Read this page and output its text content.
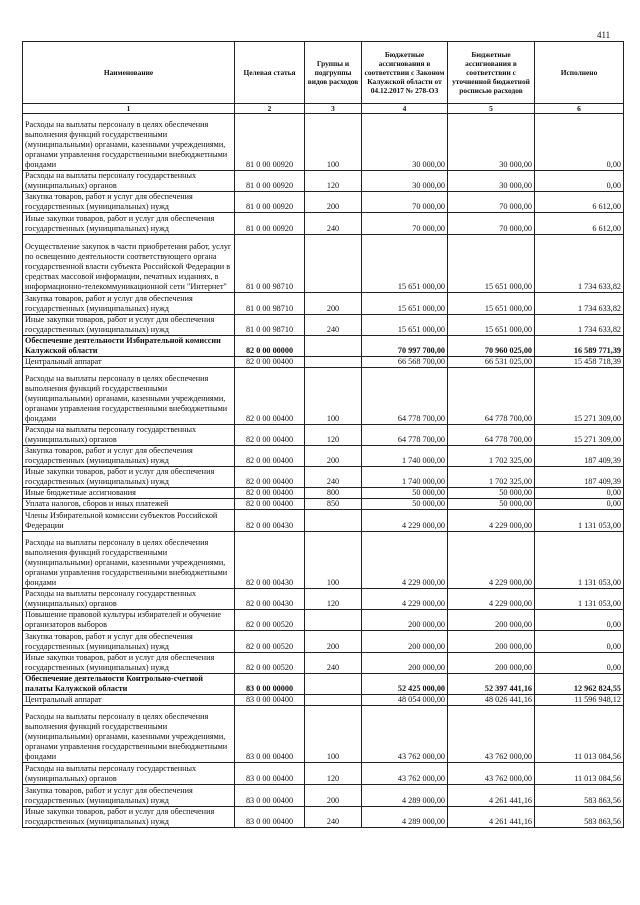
411
Наименование	Целевая статья	Группы и подгруппы видов расходов	Бюджетные ассигнования в соответствии с Законом Калужской области от 04.12.2017 № 278-ОЗ	Бюджетные ассигнования в соответствии с уточненной бюджетной росписью расходов	Исполнено
1	2	3	4	5	6
Расходы на выплаты персоналу в целях обеспечения выполнения функций государственными (муниципальными) органами, казенными учреждениями, органами управления государственными внебюджетными фондами	81 0 00 00920	100	30 000,00	30 000,00	0,00
Расходы на выплаты персоналу государственных (муниципальных) органов	81 0 00 00920	120	30 000,00	30 000,00	0,00
Закупка товаров, работ и услуг для обеспечения государственных (муниципальных) нужд	81 0 00 00920	200	70 000,00	70 000,00	6 612,00
Иные закупки товаров, работ и услуг для обеспечения государственных (муниципальных) нужд	81 0 00 00920	240	70 000,00	70 000,00	6 612,00
Осуществление закупок в части приобретения работ, услуг по освещению деятельности соответствующего органа государственной власти субъекта Российской Федерации в средствах массовой информации, печатных изданиях, в информационно-телекоммуникационной сети "Интернет"	81 0 00 98710		15 651 000,00	15 651 000,00	1 734 633,82
Закупка товаров, работ и услуг для обеспечения государственных (муниципальных) нужд	81 0 00 98710	200	15 651 000,00	15 651 000,00	1 734 633,82
Иные закупки товаров, работ и услуг для обеспечения государственных (муниципальных) нужд	81 0 00 98710	240	15 651 000,00	15 651 000,00	1 734 633,82
Обеспечение деятельности Избирательной комиссии Калужской области	82 0 00 00000		70 997 700,00	70 960 025,00	16 589 771,39
Центральный аппарат	82 0 00 00400		66 568 700,00	66 531 025,00	15 458 718,39
Расходы на выплаты персоналу в целях обеспечения выполнения функций государственными (муниципальными) органами, казенными учреждениями, органами управления государственными внебюджетными фондами	82 0 00 00400	100	64 778 700,00	64 778 700,00	15 271 309,00
Расходы на выплаты персоналу государственных (муниципальных) органов	82 0 00 00400	120	64 778 700,00	64 778 700,00	15 271 309,00
Закупка товаров, работ и услуг для обеспечения государственных (муниципальных) нужд	82 0 00 00400	200	1 740 000,00	1 702 325,00	187 409,39
Иные закупки товаров, работ и услуг для обеспечения государственных (муниципальных) нужд	82 0 00 00400	240	1 740 000,00	1 702 325,00	187 409,39
Иные бюджетные ассигнования	82 0 00 00400	800	50 000,00	50 000,00	0,00
Уплата налогов, сборов и иных платежей	82 0 00 00400	850	50 000,00	50 000,00	0,00
Члены Избирательной комиссии субъектов Российской Федерации	82 0 00 00430		4 229 000,00	4 229 000,00	1 131 053,00
Расходы на выплаты персоналу в целях обеспечения выполнения функций государственными (муниципальными) органами, казенными учреждениями, органами управления государственными внебюджетными фондами	82 0 00 00430	100	4 229 000,00	4 229 000,00	1 131 053,00
Расходы на выплаты персоналу государственных (муниципальных) органов	82 0 00 00430	120	4 229 000,00	4 229 000,00	1 131 053,00
Повышение правовой культуры избирателей и обучение организаторов выборов	82 0 00 00520		200 000,00	200 000,00	0,00
Закупка товаров, работ и услуг для обеспечения государственных (муниципальных) нужд	82 0 00 00520	200	200 000,00	200 000,00	0,00
Иные закупки товаров, работ и услуг для обеспечения государственных (муниципальных) нужд	82 0 00 00520	240	200 000,00	200 000,00	0,00
Обеспечение деятельности Контрольно-счетной палаты Калужской области	83 0 00 00000		52 425 000,00	52 397 441,16	12 962 824,55
Центральный аппарат	83 0 00 00400		48 054 000,00	48 026 441,16	11 596 948,12
Расходы на выплаты персоналу в целях обеспечения выполнения функций государственными (муниципальными) органами, казенными учреждениями, органами управления государственными внебюджетными фондами	83 0 00 00400	100	43 762 000,00	43 762 000,00	11 013 084,56
Расходы на выплаты персоналу государственных (муниципальных) органов	83 0 00 00400	120	43 762 000,00	43 762 000,00	11 013 084,56
Закупка товаров, работ и услуг для обеспечения государственных (муниципальных) нужд	83 0 00 00400	200	4 289 000,00	4 261 441,16	583 863,56
Иные закупки товаров, работ и услуг для обеспечения государственных (муниципальных) нужд	83 0 00 00400	240	4 289 000,00	4 261 441,16	583 863,56
